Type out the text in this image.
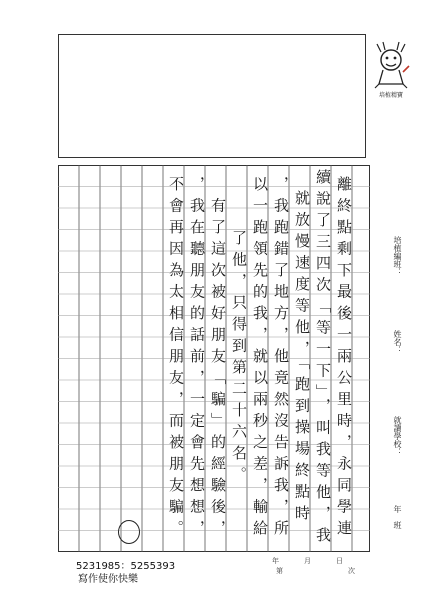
培植精寶
培植編班：
姓名：
就讀學校：
年　班
離終點剩下最後一兩公里時，永同學連
續說了三四次「等一下」，叫我等他，我
就放慢速度等他，「跑到操場終點時
，我跑錯了地方，他竟然沒告訴我，所
以一跑領先的我，就以兩秒之差，輸給
了他，只得到第二十六名。
　有了這次被好朋友「騙」的經驗後，
，我在聽朋友的話前，一定會先想想，
不會再因為太相信朋友，而被朋友騙。
年	月	日
第	次
5231985：5255393
寫作使你快樂
